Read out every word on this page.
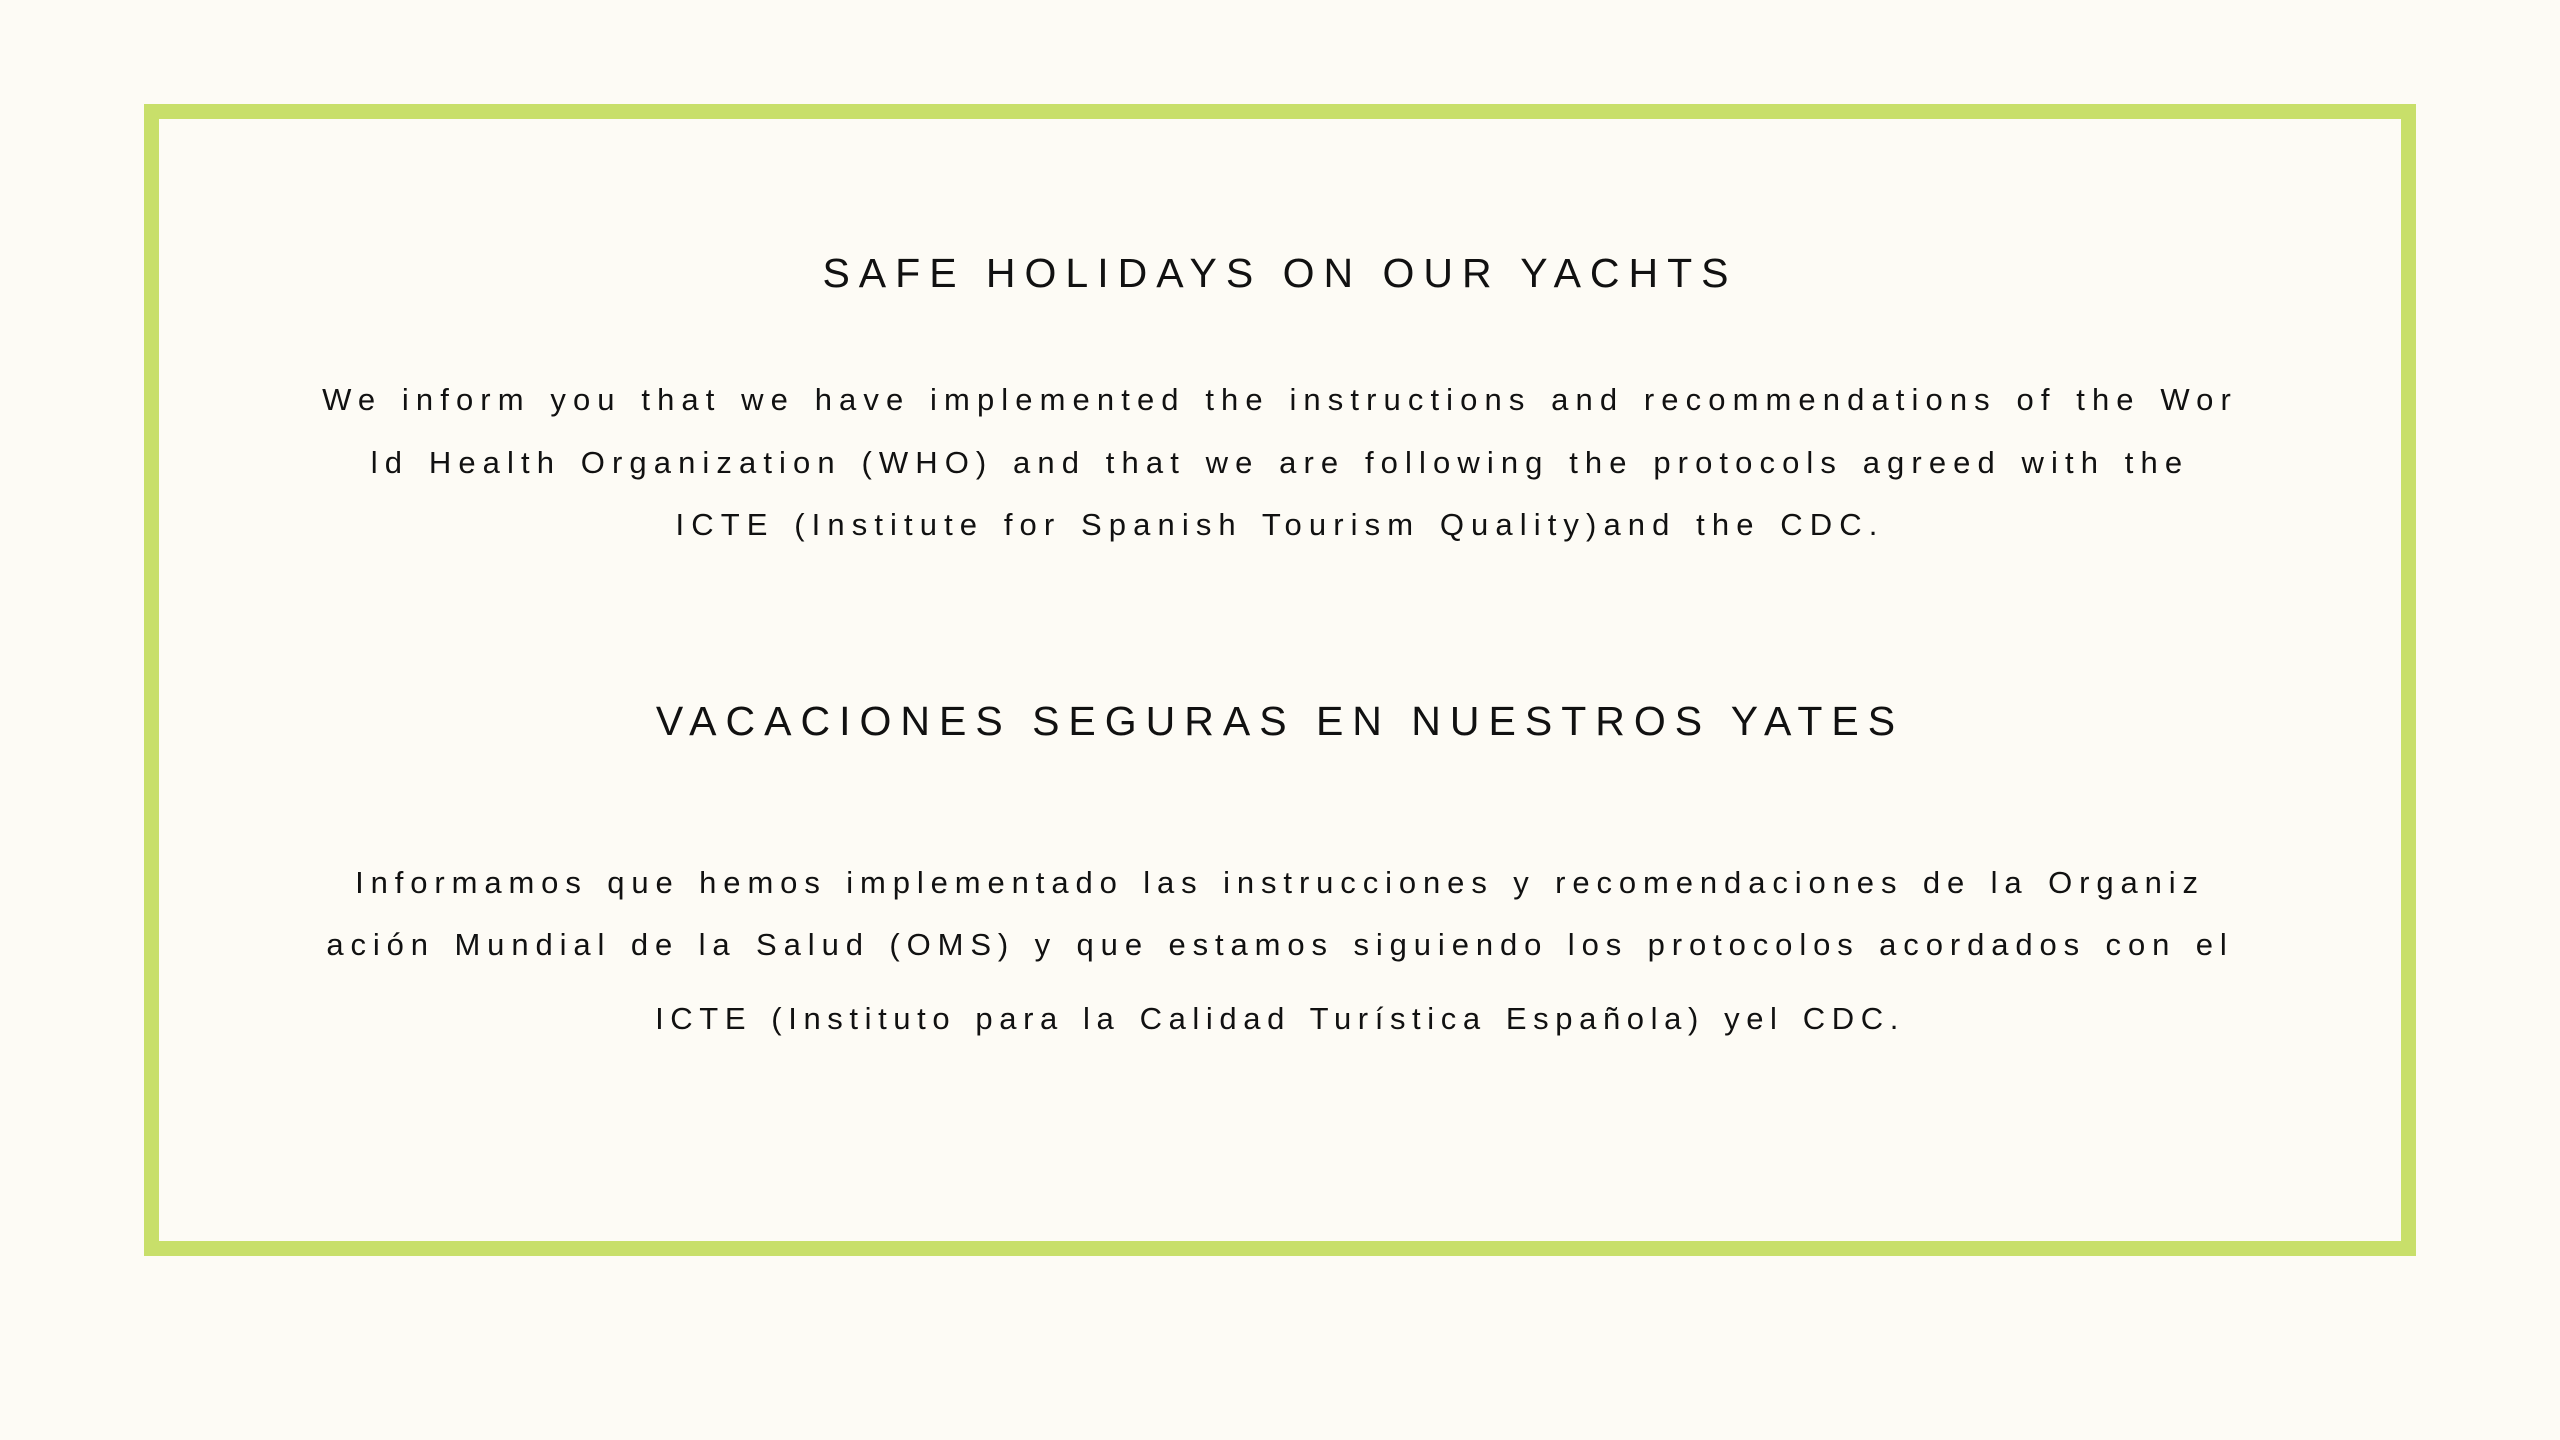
SAFE HOLIDAYS ON OUR YACHTS

We inform you that we have implemented the instructions and recommendations of the Wor

ld Health Organization (WHO) and that we are following the protocols agreed with the

ICTE (Institute for Spanish Tourism Quality)and the CDC.

VACACIONES SEGURAS EN NUESTROS YATES

Informamos que hemos implementado las instrucciones y recomendaciones de la Organiz

ación Mundial de la Salud (OMS) y que estamos siguiendo los protocolos acordados con el

ICTE (Instituto para la Calidad Turística Española) yel CDC.
